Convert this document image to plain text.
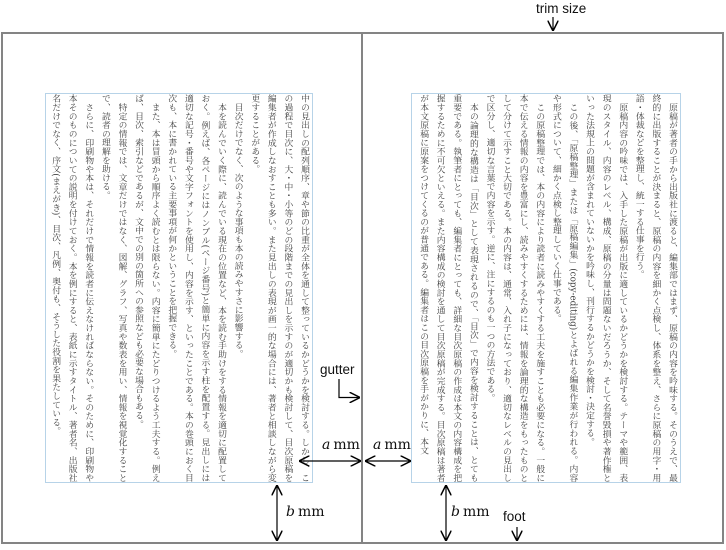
中の見出しの配列順序、章や節の比重が全体を通して整っているかどうかを検討する。しかし、この過程で目次に、大・中・小等のどの段階までの見出しを示すのが適切かも検討して、目次原稿を編集者が作成しなおすことも多い。また見出しの表現が画一的な場合には、著者と相談しながら変更することがある。

　目次だけでなく、次のような事項も本の読みやすさに影響する。

　本を読んでいく際に、読んでいる現在の位置など、本を読む手助けをする情報を適切に配置しておく。例えば、各ページにはノンブル(ページ番号)と簡単に内容を示す柱を配置する。見出しには適切な記号・番号や文字フォントを使用し、内容を示す、といったことである。本の巻頭におく目次も、本に書かれている主要事項が何かということを把握できる。

　また、本は冒頭から順序よく読むとは限らない。内容に簡単にたどりつけるよう工夫する。例えば、目次、索引などであるが、文中での別の箇所への参照なども必要な場合もある。

　特定の情報では、文章だけではなく、図解、グラフ、写真や数表を用い、情報を視覚化することで、読者の理解を助ける。

　さらに、印刷物や本は、それだけで情報を読者に伝えなければならない。そのために、印刷物や本そのものについての説明を付けておく。本を例にすると、表紙に示すタイトル、著者名、出版社名だけでなく、序文(まえがき)、目次、凡例、奥付も、そうした役割を果たしている。	　原稿が著者の手から出版社に渡ると、編集部ではまず、原稿の内容を吟味する。そのうえで、最終的に出版することが決まると、原稿の内容を細かく点検し、体系を整え、さらに原稿の用字・用語・体裁などを整理し、統一する仕事を行う。

　原稿内容の吟味では、入手した原稿が出版に適しているかどうかを検討する。テーマや範囲、表現のスタイル、内容のレベル、構成、原稿の分量は問題ないだろうか、そして名誉毀損や著作権といった法規上の問題が含まれていないかを吟味し、刊行するかどうかを検討・決定する。

　この後、「原稿整理」または「原稿編集」(copy-editing)とよばれる編集作業が行われる。内容や形式について、細かく点検し整理していく仕事である。

　この原稿整理では、本の内容により読者に読みやすくする工夫を施すことも必要になる。一般に本で伝える情報の内容を豊富にし、読みやすくするためには、情報を論理的な構造をもったものとして分けて示すこと大切である。本の内容は、通常、入れ子になっており、適切なレベルの見出しで区分し、適切な言葉で内容を示す。逆に、注にするのも一つの方法である。

　本の論理的な構造は「目次」として表現されるので、「目次」で内容を検討することは、とても重要である。執筆者にとっても、編集者にとっても、詳細な目次原稿の作成は本文の内容構成を把握するために不可欠といえる。また内容構成の検討を通して目次原稿が完成する。目次原稿は著者が本文原稿に原案をつけてくるのが普通である。編集者はこの目次原稿を手がかりに、本文

trim size
gutter
foot
a mm a mm
b mm	b mm
